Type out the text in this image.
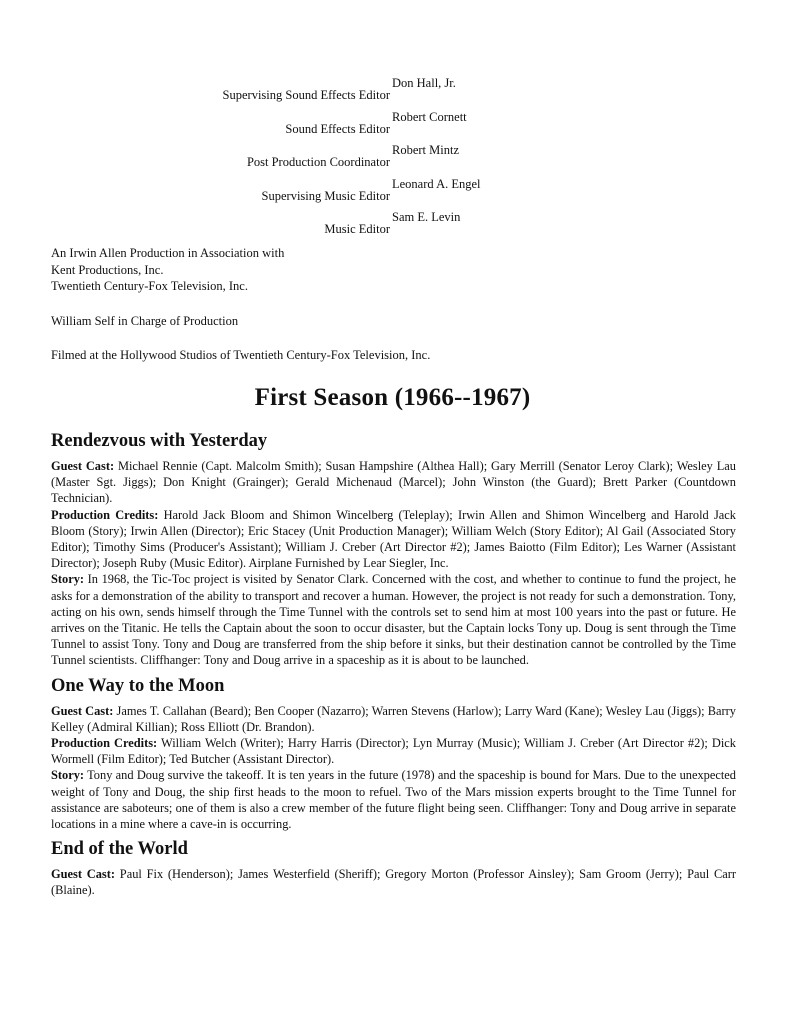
Supervising Sound Effects Editor
Don Hall, Jr.
Sound Effects Editor
Robert Cornett
Post Production Coordinator
Robert Mintz
Supervising Music Editor
Leonard A. Engel
Music Editor
Sam E. Levin
An Irwin Allen Production in Association with
Kent Productions, Inc.
Twentieth Century-Fox Television, Inc.
William Self in Charge of Production
Filmed at the Hollywood Studios of Twentieth Century-Fox Television, Inc.
First Season (1966--1967)
Rendezvous with Yesterday

Guest Cast: Michael Rennie (Capt. Malcolm Smith); Susan Hampshire (Althea Hall); Gary Merrill (Senator Leroy Clark); Wesley Lau (Master Sgt. Jiggs); Don Knight (Grainger); Gerald Michenaud (Marcel); John Winston (the Guard); Brett Parker (Countdown Technician).

Production Credits: Harold Jack Bloom and Shimon Wincelberg (Teleplay); Irwin Allen and Shimon Wincelberg and Harold Jack Bloom (Story); Irwin Allen (Director); Eric Stacey (Unit Production Manager); William Welch (Story Editor); Al Gail (Associated Story Editor); Timothy Sims (Producer's Assistant); William J. Creber (Art Director #2); James Baiotto (Film Editor); Les Warner (Assistant Director); Joseph Ruby (Music Editor). Airplane Furnished by Lear Siegler, Inc.

Story: In 1968, the Tic-Toc project is visited by Senator Clark. Concerned with the cost, and whether to continue to fund the project, he asks for a demonstration of the ability to transport and recover a human. However, the project is not ready for such a demonstration. Tony, acting on his own, sends himself through the Time Tunnel with the controls set to send him at most 100 years into the past or future. He arrives on the Titanic. He tells the Captain about the soon to occur disaster, but the Captain locks Tony up. Doug is sent through the Time Tunnel to assist Tony. Tony and Doug are transferred from the ship before it sinks, but their destination cannot be controlled by the Time Tunnel scientists. Cliffhanger: Tony and Doug arrive in a spaceship as it is about to be launched.

One Way to the Moon

Guest Cast: James T. Callahan (Beard); Ben Cooper (Nazarro); Warren Stevens (Harlow); Larry Ward (Kane); Wesley Lau (Jiggs); Barry Kelley (Admiral Killian); Ross Elliott (Dr. Brandon).

Production Credits: William Welch (Writer); Harry Harris (Director); Lyn Murray (Music); William J. Creber (Art Director #2); Dick Wormell (Film Editor); Ted Butcher (Assistant Director).

Story: Tony and Doug survive the takeoff. It is ten years in the future (1978) and the spaceship is bound for Mars. Due to the unexpected weight of Tony and Doug, the ship first heads to the moon to refuel. Two of the Mars mission experts brought to the Time Tunnel for assistance are saboteurs; one of them is also a crew member of the future flight being seen. Cliffhanger: Tony and Doug arrive in separate locations in a mine where a cave-in is occurring.

End of the World

Guest Cast: Paul Fix (Henderson); James Westerfield (Sheriff); Gregory Morton (Professor Ainsley); Sam Groom (Jerry); Paul Carr (Blaine).
